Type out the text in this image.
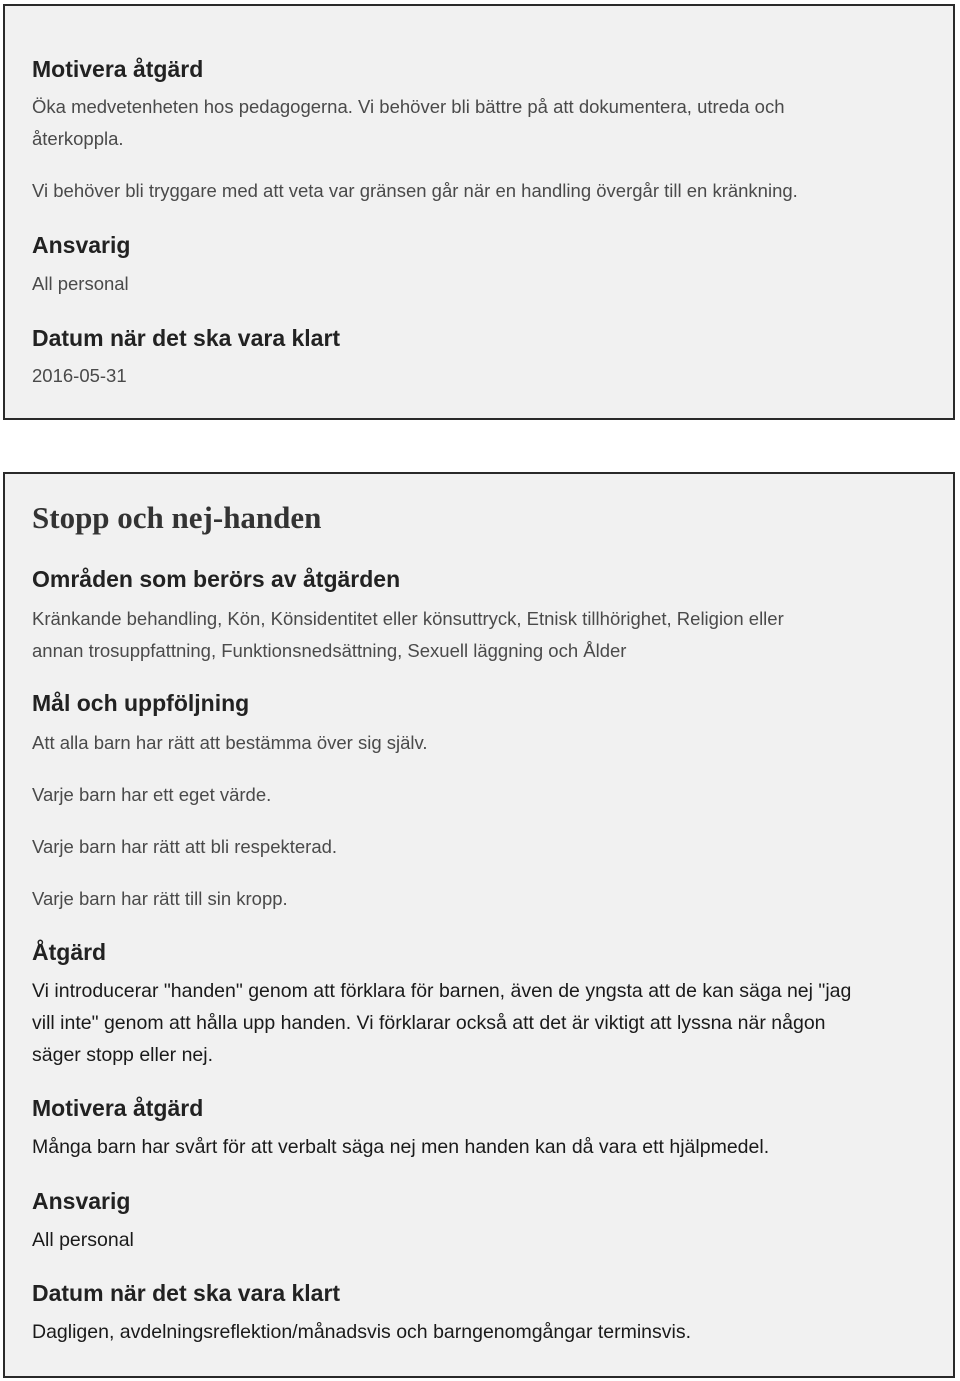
Motivera åtgärd

Öka medvetenheten hos pedagogerna. Vi behöver bli bättre på att dokumentera, utreda och

återkoppla.

Vi behöver bli tryggare med att veta var gränsen går när en handling övergår till en kränkning.

Ansvarig

All personal

Datum när det ska vara klart

2016-05-31

Stopp och nej-handen
Områden som berörs av åtgärden

Kränkande behandling, Kön, Könsidentitet eller könsuttryck, Etnisk tillhörighet, Religion eller

annan trosuppfattning, Funktionsnedsättning, Sexuell läggning och Ålder

Mål och uppföljning

Att alla barn har rätt att bestämma över sig själv.

Varje barn har ett eget värde.

Varje barn har rätt att bli respekterad.

Varje barn har rätt till sin kropp.

Åtgärd

Vi introducerar "handen" genom att förklara för barnen, även de yngsta att de kan säga nej "jag

vill inte" genom att hålla upp handen. Vi förklarar också att det är viktigt att lyssna när någon

säger stopp eller nej.

Motivera åtgärd

Många barn har svårt för att verbalt säga nej men handen kan då vara ett hjälpmedel.

Ansvarig

All personal

Datum när det ska vara klart

Dagligen, avdelningsreflektion/månadsvis och barngenomgångar terminsvis.
